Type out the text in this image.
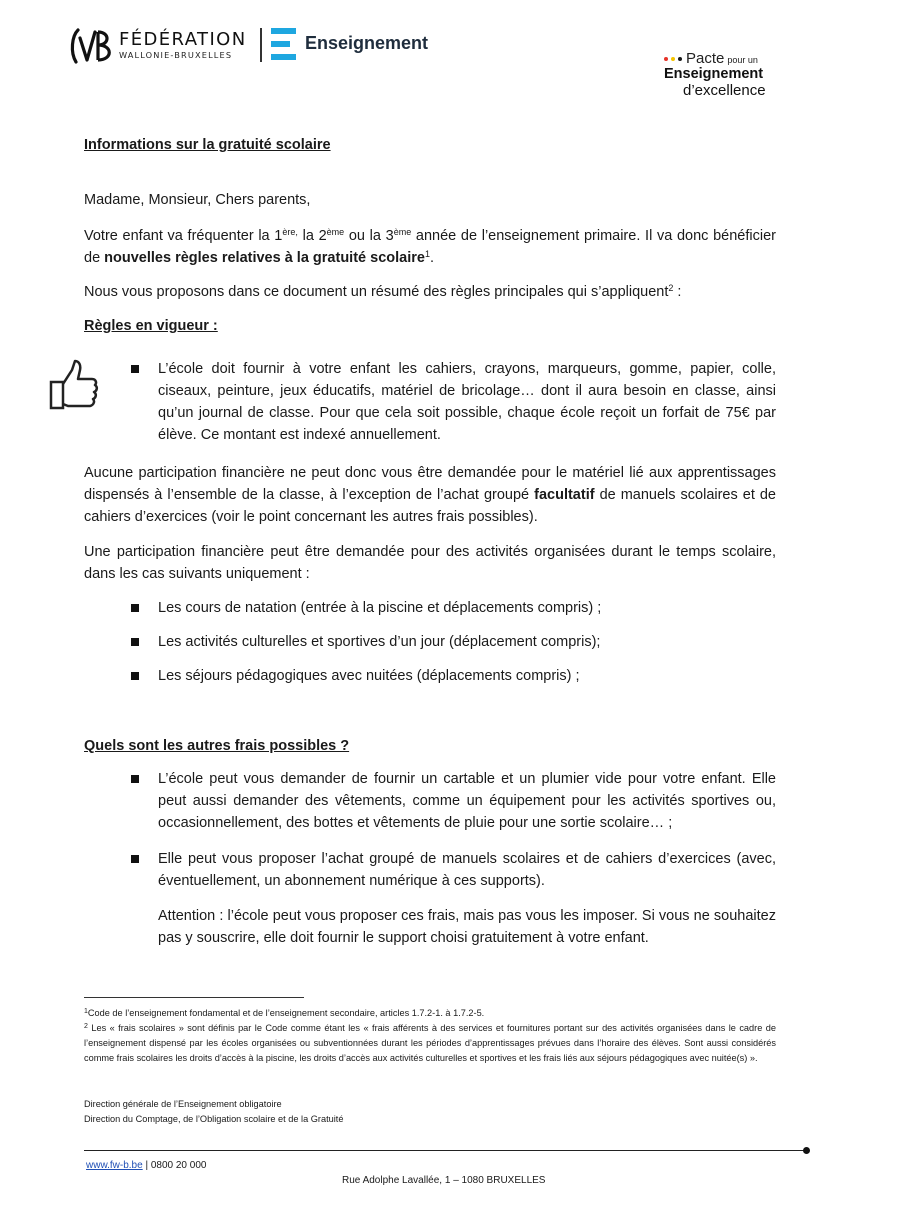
FÉDÉRATION
WALLONIE-BRUXELLES
Enseignement
Pacte pour un
Enseignement
d’excellence
Informations sur la gratuité scolaire
Madame, Monsieur, Chers parents,
Votre enfant va fréquenter la $1^{ère,}$ la 2ème ou la 3ème année de l’enseignement primaire. Il va donc bénéficier de nouvelles règles relatives à la gratuité scolaire$^1$.
Nous vous proposons dans ce document un résumé des règles principales qui s’appliquent$^2$ :
Règles en vigueur :
L’école doit fournir à votre enfant les cahiers, crayons, marqueurs, gomme, papier, colle, ciseaux, peinture, jeux éducatifs, matériel de bricolage… dont il aura besoin en classe, ainsi qu’un journal de classe. Pour que cela soit possible, chaque école reçoit un forfait de 75€ par élève. Ce montant est indexé annuellement.
Aucune participation financière ne peut donc vous être demandée pour le matériel lié aux apprentissages dispensés à l’ensemble de la classe, à l’exception de l’achat groupé facultatif de manuels scolaires et de cahiers d’exercices (voir le point concernant les autres frais possibles).
Une participation financière peut être demandée pour des activités organisées durant le temps scolaire, dans les cas suivants uniquement :
Les cours de natation (entrée à la piscine et déplacements compris) ;
Les activités culturelles et sportives d’un jour (déplacement compris);
Les séjours pédagogiques avec nuitées (déplacements compris) ;
Quels sont les autres frais possibles ?
L’école peut vous demander de fournir un cartable et un plumier vide pour votre enfant. Elle peut aussi demander des vêtements, comme un équipement pour les activités sportives ou, occasionnellement, des bottes et vêtements de pluie pour une sortie scolaire… ;
Elle peut vous proposer l’achat groupé de manuels scolaires et de cahiers d’exercices (avec, éventuellement, un abonnement numérique à ces supports).
Attention : l’école peut vous proposer ces frais, mais pas vous les imposer. Si vous ne souhaitez pas y souscrire, elle doit fournir le support choisi gratuitement à votre enfant.
$^1$Code de l’enseignement fondamental et de l’enseignement secondaire, articles 1.7.2-1. à 1.7.2-5.
$^2$ Les « frais scolaires » sont définis par le Code comme étant les « frais afférents à des services et fournitures portant sur des activités organisées dans le cadre de l’enseignement dispensé par les écoles organisées ou subventionnées durant les périodes d’apprentissages prévues dans l’horaire des élèves. Sont aussi considérés comme frais scolaires les droits d’accès à la piscine, les droits d’accès aux activités culturelles et sportives et les frais liés aux séjours pédagogiques avec nuitée(s) ».
Direction générale de l’Enseignement obligatoire
Direction du Comptage, de l’Obligation scolaire et de la Gratuité
www.fw-b.be | 0800 20 000
Rue Adolphe Lavallée, 1 – 1080 BRUXELLES
